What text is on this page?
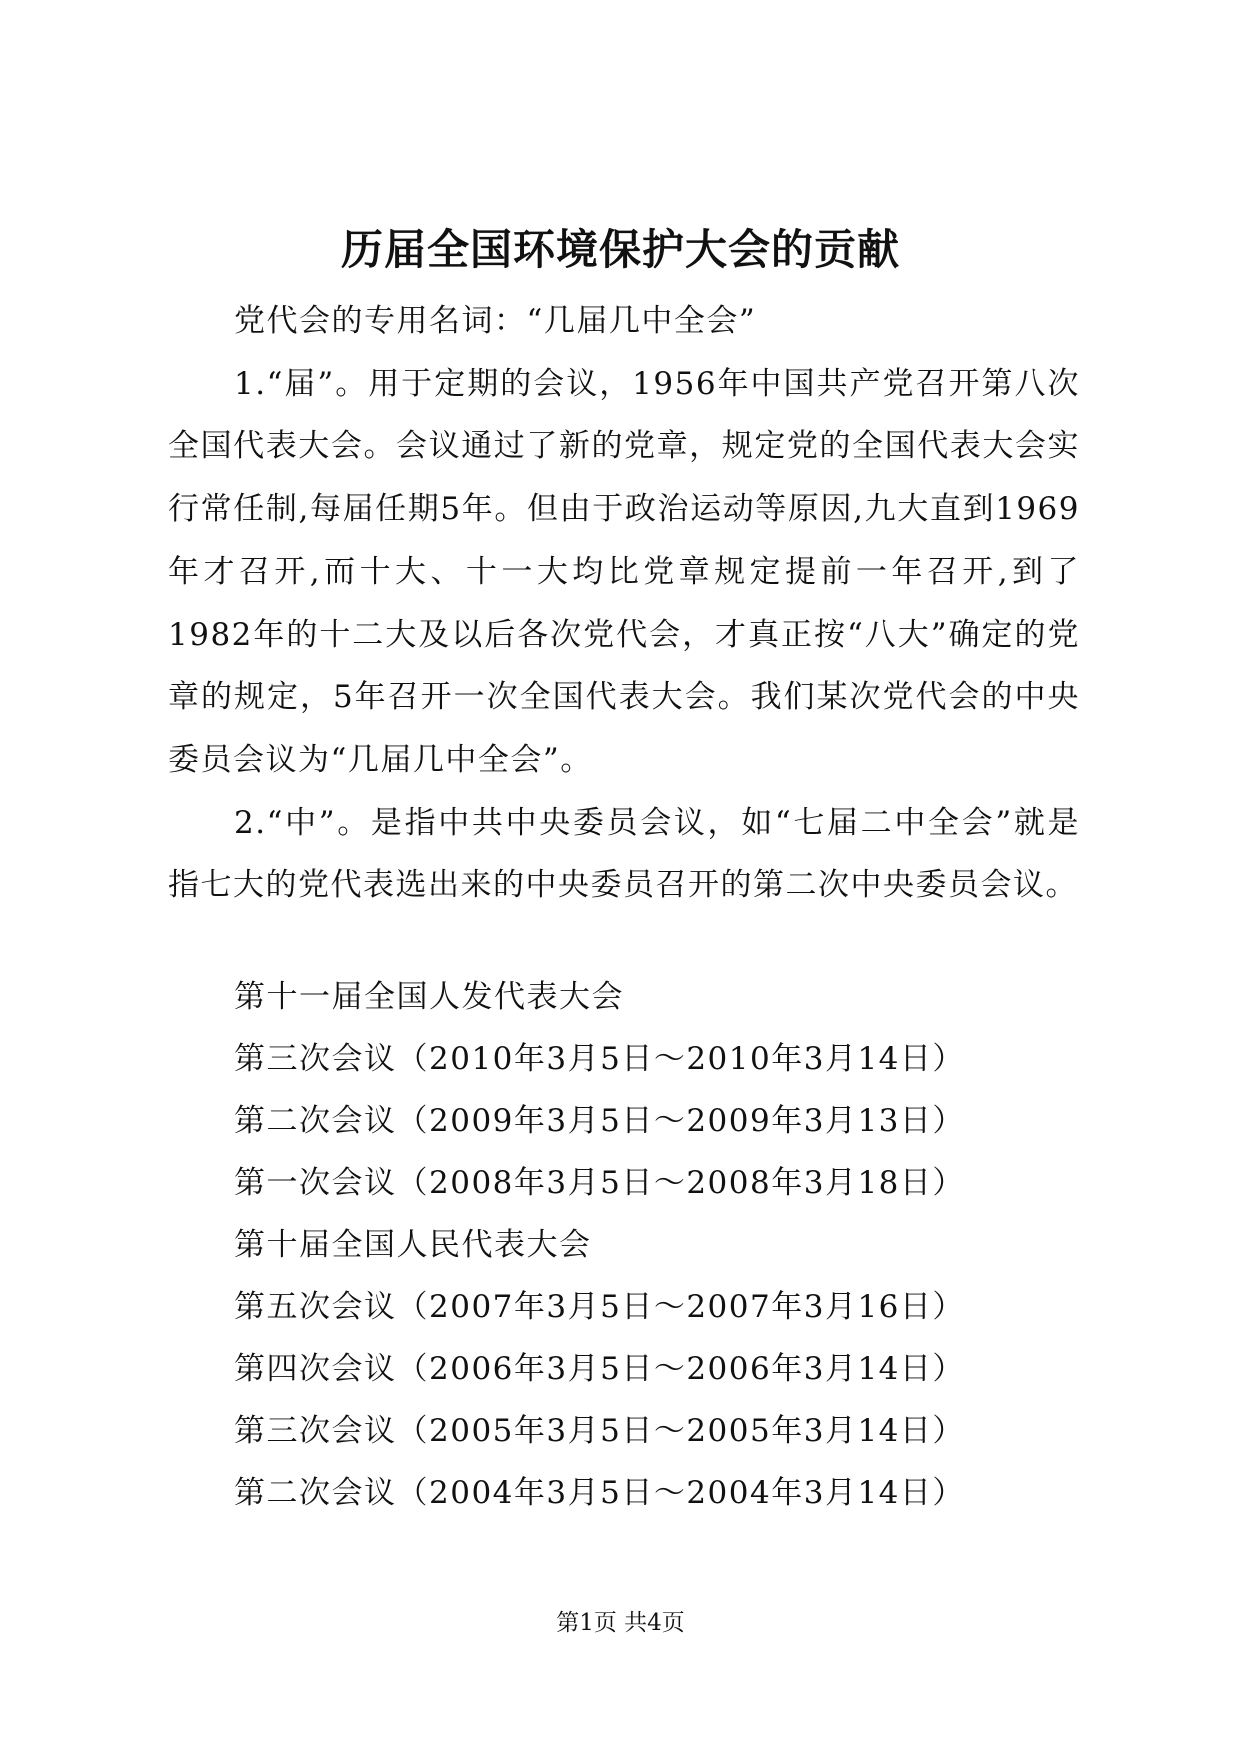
历届全国环境保护大会的贡献

党代会的专用名词：“几届几中全会”

1.“届”。用于定期的会议，1956年中国共产党召开第八次全国代表大会。会议通过了新的党章，规定党的全国代表大会实行常任制,每届任期5年。但由于政治运动等原因,九大直到1969年才召开,而十大、十一大均比党章规定提前一年召开,到了1982年的十二大及以后各次党代会，才真正按“八大”确定的党章的规定，5年召开一次全国代表大会。我们某次党代会的中央委员会议为“几届几中全会”。

2.“中”。是指中共中央委员会议，如“七届二中全会”就是指七大的党代表选出来的中央委员召开的第二次中央委员会议。

第十一届全国人发代表大会
第三次会议（2010年3月5日～2010年3月14日）
第二次会议（2009年3月5日～2009年3月13日）
第一次会议（2008年3月5日～2008年3月18日）
第十届全国人民代表大会
第五次会议（2007年3月5日～2007年3月16日）
第四次会议（2006年3月5日～2006年3月14日）
第三次会议（2005年3月5日～2005年3月14日）
第二次会议（2004年3月5日～2004年3月14日）
第1页 共4页
